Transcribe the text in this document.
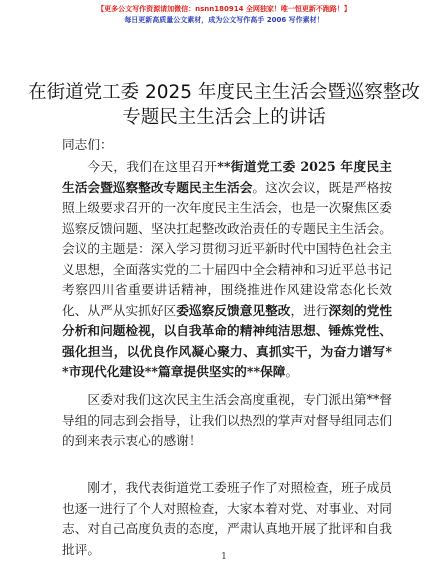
【更多公文写作资源请加微信：nsnn180914 全网独家！唯一恒更新不跑路！】
每日更新高质量公文素材，成为公文写作高手 2006 写作素材！
在街道党工委 2025 年度民主生活会暨巡察整改
专题民主生活会上的讲话
同志们：
今天，我们在这里召开**街道党工委 2025 年度民主生活会暨巡察整改专题民主生活会。这次会议，既是严格按照上级要求召开的一次年度民主生活会，也是一次聚焦区委巡察反馈问题、坚决扛起整改政治责任的专题民主生活会。会议的主题是：深入学习贯彻习近平新时代中国特色社会主义思想，全面落实党的二十届四中全会精神和习近平总书记考察四川省重要讲话精神，围绕推进作风建设常态化长效化、从严从实抓好区委巡察反馈意见整改，进行深刻的党性分析和问题检视，以自我革命的精神纯洁思想、锤炼党性、强化担当，以优良作风凝心聚力、真抓实干，为奋力谱写**市现代化建设**篇章提供坚实的**保障。
区委对我们这次民主生活会高度重视，专门派出第**督导组的同志到会指导，让我们以热烈的掌声对督导组同志们的到来表示衷心的感谢！
刚才，我代表街道党工委班子作了对照检查，班子成员也逐一进行了个人对照检查，大家本着对党、对事业、对同志、对自己高度负责的态度，严肃认真地开展了批评和自我批评。
1
